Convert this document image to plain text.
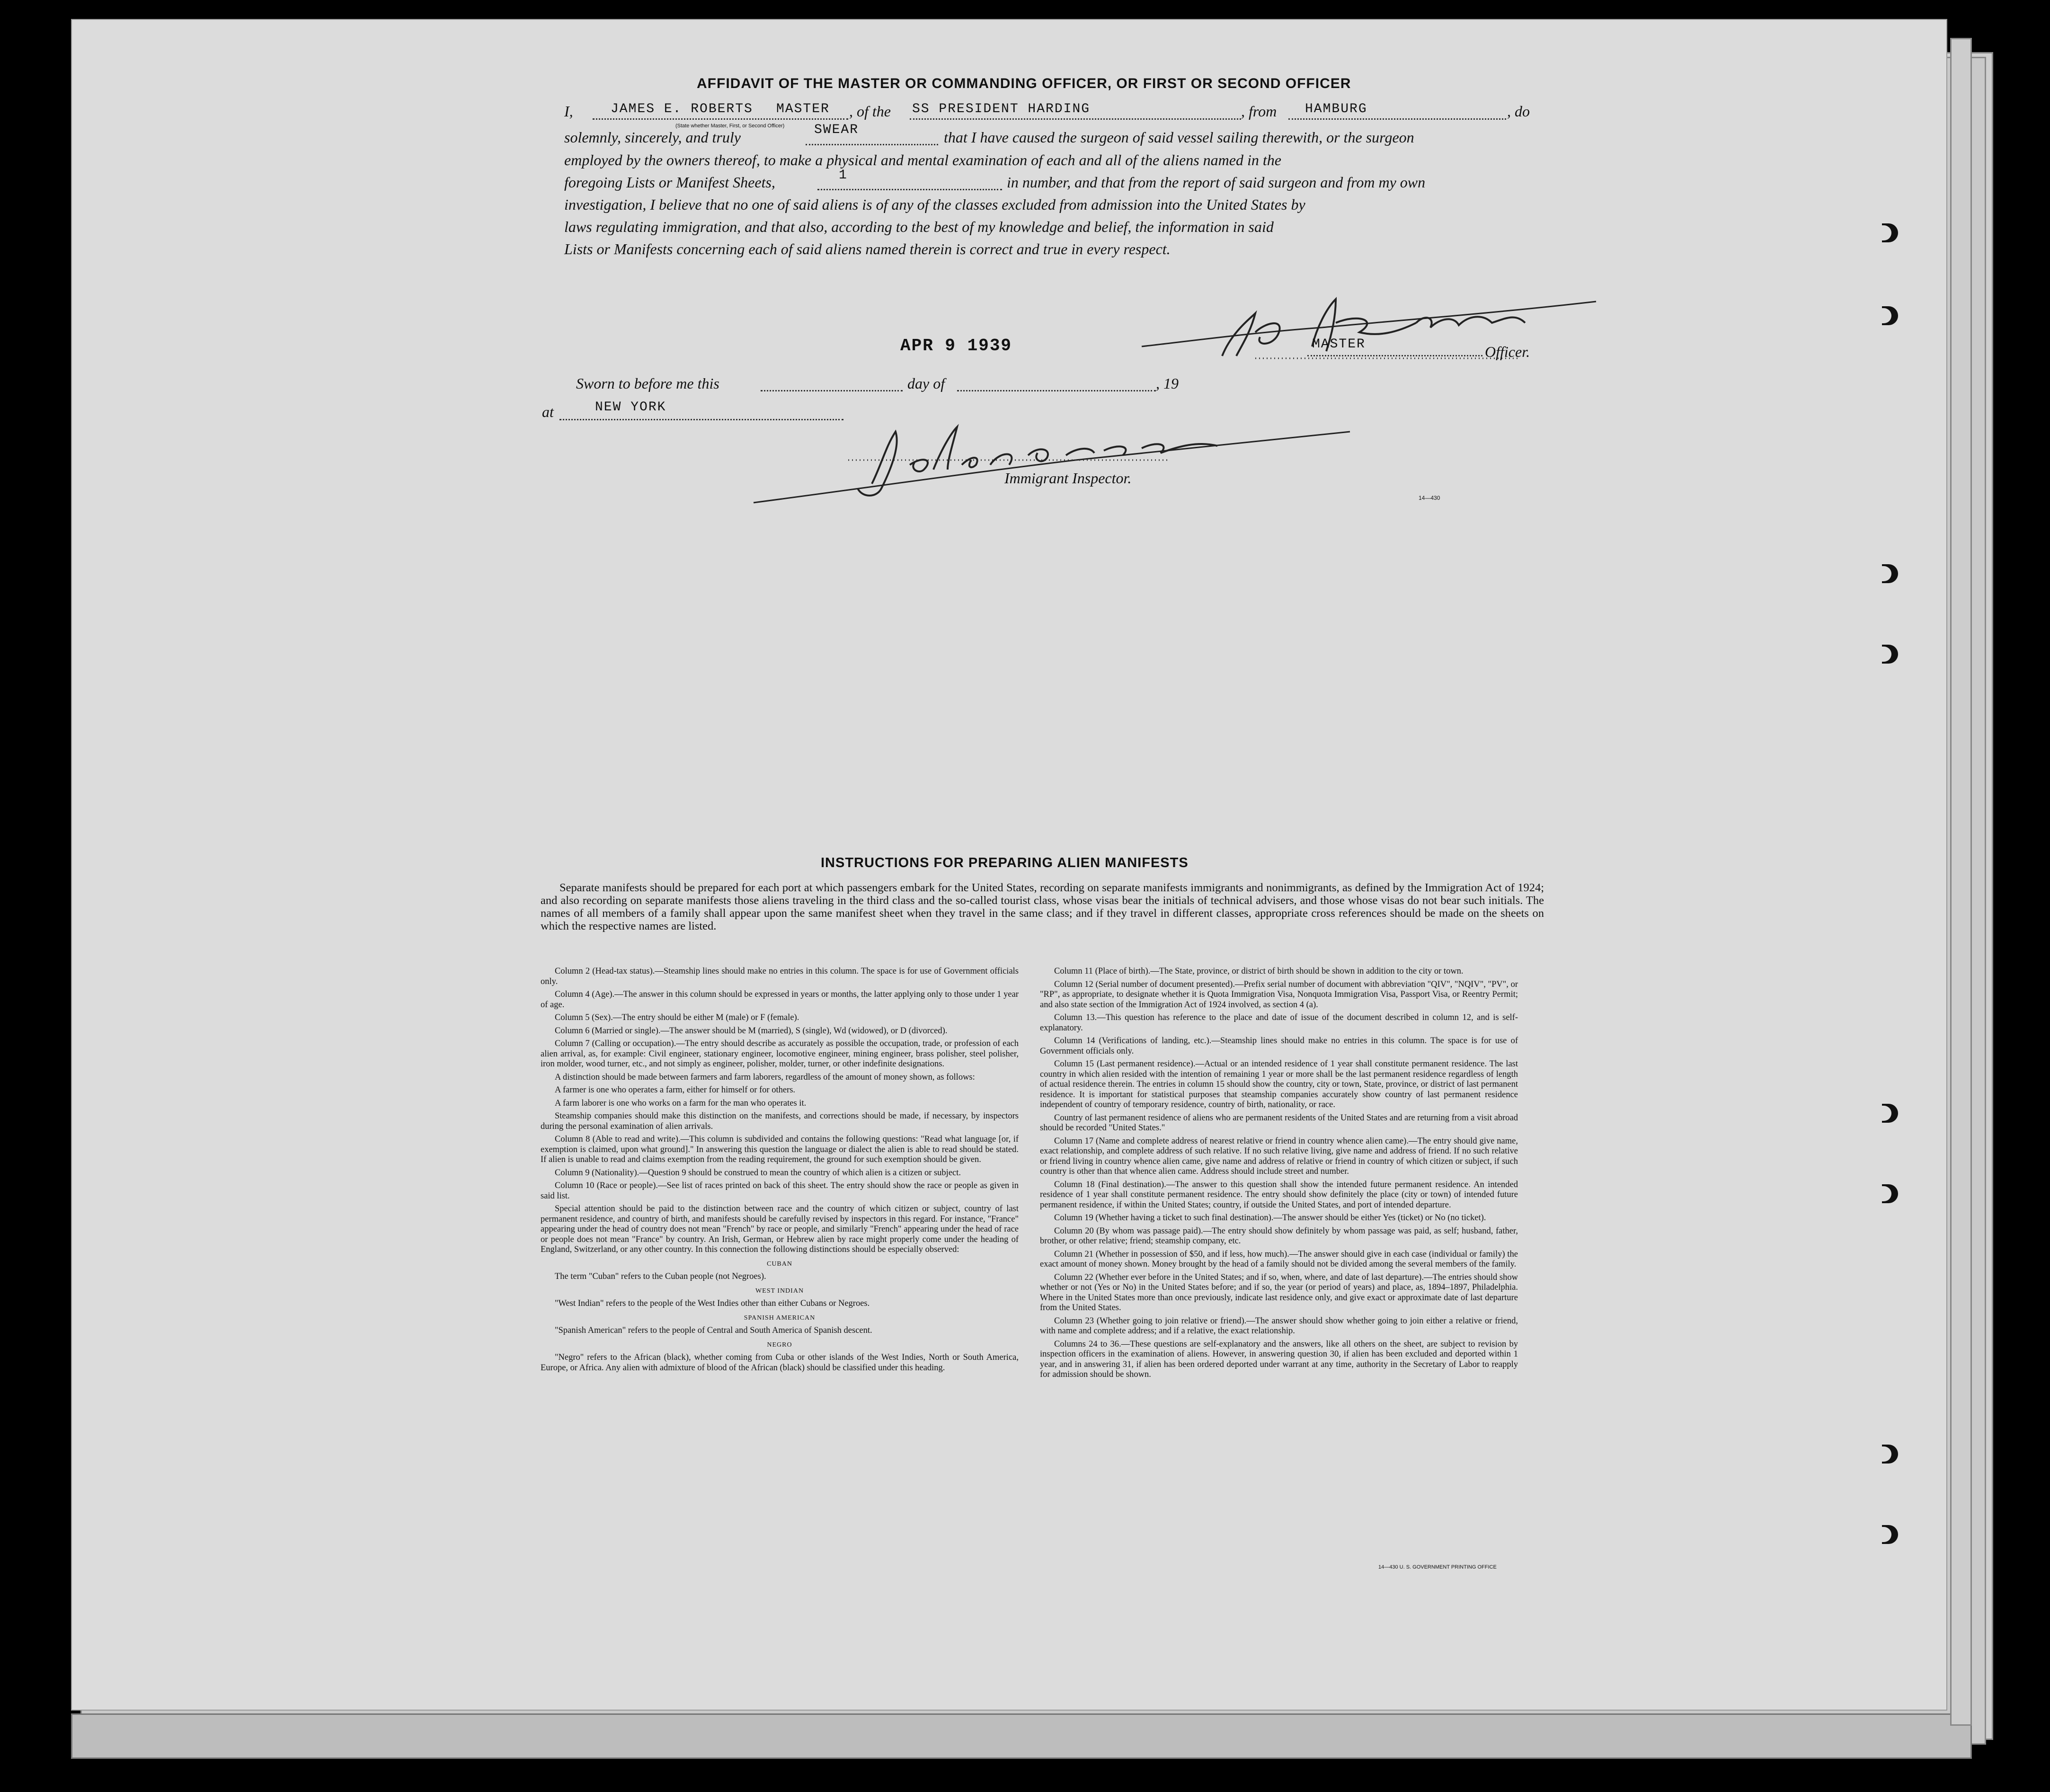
AFFIDAVIT OF THE MASTER OR COMMANDING OFFICER, OR FIRST OR SECOND OFFICER
I,	JAMES E. ROBERTS MASTER , of the SS PRESIDENT HARDING	, from HAMBURG	, do
(State whether Master, First, or Second Officer)
solemnly, sincerely, and truly	SWEAR	that I have caused the surgeon of said vessel sailing therewith, or the surgeon
employed by the owners thereof, to make a physical and mental examination of each and all of the aliens named in the
foregoing Lists or Manifest Sheets,	1	in number, and that from the report of said surgeon and from my own
investigation, I believe that no one of said aliens is of any of the classes excluded from admission into the United States by
laws regulating immigration, and that also, according to the best of my knowledge and belief, the information in said
Lists or Manifests concerning each of said aliens named therein is correct and true in every respect.
APR 9 1939	MASTER	Officer.
Sworn to before me this	day of	, 19
at	NEW YORK
Immigrant Inspector.
14—430
INSTRUCTIONS FOR PREPARING ALIEN MANIFESTS
Separate manifests should be prepared for each port at which passengers embark for the United States, recording on separate manifests immigrants and nonimmigrants, as defined by the Immigration Act of 1924; and also recording on separate manifests those aliens traveling in the third class and the so-called tourist class, whose visas bear the initials of technical advisers, and those whose visas do not bear such initials. The names of all members of a family shall appear upon the same manifest sheet when they travel in the same class; and if they travel in different classes, appropriate cross references should be made on the sheets on which the respective names are listed.

Column 2 (Head-tax status).—Steamship lines should make no entries in this column. The space is for use of Government officials only.

Column 4 (Age).—The answer in this column should be expressed in years or months, the latter applying only to those under 1 year of age.

Column 5 (Sex).—The entry should be either M (male) or F (female).

Column 6 (Married or single).—The answer should be M (married), S (single), Wd (widowed), or D (divorced).

Column 7 (Calling or occupation).—The entry should describe as accurately as possible the occupation, trade, or profession of each alien arrival, as, for example: Civil engineer, stationary engineer, locomotive engineer, mining engineer, brass polisher, steel polisher, iron molder, wood turner, etc., and not simply as engineer, polisher, molder, turner, or other indefinite designations.

A distinction should be made between farmers and farm laborers, regardless of the amount of money shown, as follows:

A farmer is one who operates a farm, either for himself or for others.

A farm laborer is one who works on a farm for the man who operates it.

Steamship companies should make this distinction on the manifests, and corrections should be made, if necessary, by inspectors during the personal examination of alien arrivals.

Column 8 (Able to read and write).—This column is subdivided and contains the following questions: "Read what language [or, if exemption is claimed, upon what ground]." In answering this question the language or dialect the alien is able to read should be stated. If alien is unable to read and claims exemption from the reading requirement, the ground for such exemption should be given.

Column 9 (Nationality).—Question 9 should be construed to mean the country of which alien is a citizen or subject.

Column 10 (Race or people).—See list of races printed on back of this sheet. The entry should show the race or people as given in said list.

Special attention should be paid to the distinction between race and the country of which citizen or subject, country of last permanent residence, and country of birth, and manifests should be carefully revised by inspectors in this regard. For instance, "France" appearing under the head of country does not mean "French" by race or people, and similarly "French" appearing under the head of race or people does not mean "France" by country. An Irish, German, or Hebrew alien by race might properly come under the heading of England, Switzerland, or any other country. In this connection the following distinctions should be especially observed:

CUBAN

The term "Cuban" refers to the Cuban people (not Negroes).

WEST INDIAN

"West Indian" refers to the people of the West Indies other than either Cubans or Negroes.

SPANISH AMERICAN

"Spanish American" refers to the people of Central and South America of Spanish descent.

NEGRO

"Negro" refers to the African (black), whether coming from Cuba or other islands of the West Indies, North or South America, Europe, or Africa. Any alien with admixture of blood of the African (black) should be classified under this heading.

Column 11 (Place of birth).—The State, province, or district of birth should be shown in addition to the city or town.

Column 12 (Serial number of document presented).—Prefix serial number of document with abbreviation "QIV", "NQIV", "PV", or "RP", as appropriate, to designate whether it is Quota Immigration Visa, Nonquota Immigration Visa, Passport Visa, or Reentry Permit; and also state section of the Immigration Act of 1924 involved, as section 4 (a).

Column 13.—This question has reference to the place and date of issue of the document described in column 12, and is self-explanatory.

Column 14 (Verifications of landing, etc.).—Steamship lines should make no entries in this column. The space is for use of Government officials only.

Column 15 (Last permanent residence).—Actual or an intended residence of 1 year shall constitute permanent residence. The last country in which alien resided with the intention of remaining 1 year or more shall be the last permanent residence regardless of length of actual residence therein. The entries in column 15 should show the country, city or town, State, province, or district of last permanent residence. It is important for statistical purposes that steamship companies accurately show country of last permanent residence independent of country of temporary residence, country of birth, nationality, or race.

Country of last permanent residence of aliens who are permanent residents of the United States and are returning from a visit abroad should be recorded "United States."

Column 17 (Name and complete address of nearest relative or friend in country whence alien came).—The entry should give name, exact relationship, and complete address of such relative. If no such relative living, give name and address of friend. If no such relative or friend living in country whence alien came, give name and address of relative or friend in country of which citizen or subject, if such country is other than that whence alien came. Address should include street and number.

Column 18 (Final destination).—The answer to this question shall show the intended future permanent residence. An intended residence of 1 year shall constitute permanent residence. The entry should show definitely the place (city or town) of intended future permanent residence, if within the United States; country, if outside the United States, and port of intended departure.

Column 19 (Whether having a ticket to such final destination).—The answer should be either Yes (ticket) or No (no ticket).

Column 20 (By whom was passage paid).—The entry should show definitely by whom passage was paid, as self; husband, father, brother, or other relative; friend; steamship company, etc.

Column 21 (Whether in possession of $50, and if less, how much).—The answer should give in each case (individual or family) the exact amount of money shown. Money brought by the head of a family should not be divided among the several members of the family.

Column 22 (Whether ever before in the United States; and if so, when, where, and date of last departure).—The entries should show whether or not (Yes or No) in the United States before; and if so, the year (or period of years) and place, as, 1894–1897, Philadelphia. Where in the United States more than once previously, indicate last residence only, and give exact or approximate date of last departure from the United States.

Column 23 (Whether going to join relative or friend).—The answer should show whether going to join either a relative or friend, with name and complete address; and if a relative, the exact relationship.

Columns 24 to 36.—These questions are self-explanatory and the answers, like all others on the sheet, are subject to revision by inspection officers in the examination of aliens. However, in answering question 30, if alien has been excluded and deported within 1 year, and in answering 31, if alien has been ordered deported under warrant at any time, authority in the Secretary of Labor to reapply for admission should be shown.

14—430 U. S. GOVERNMENT PRINTING OFFICE
